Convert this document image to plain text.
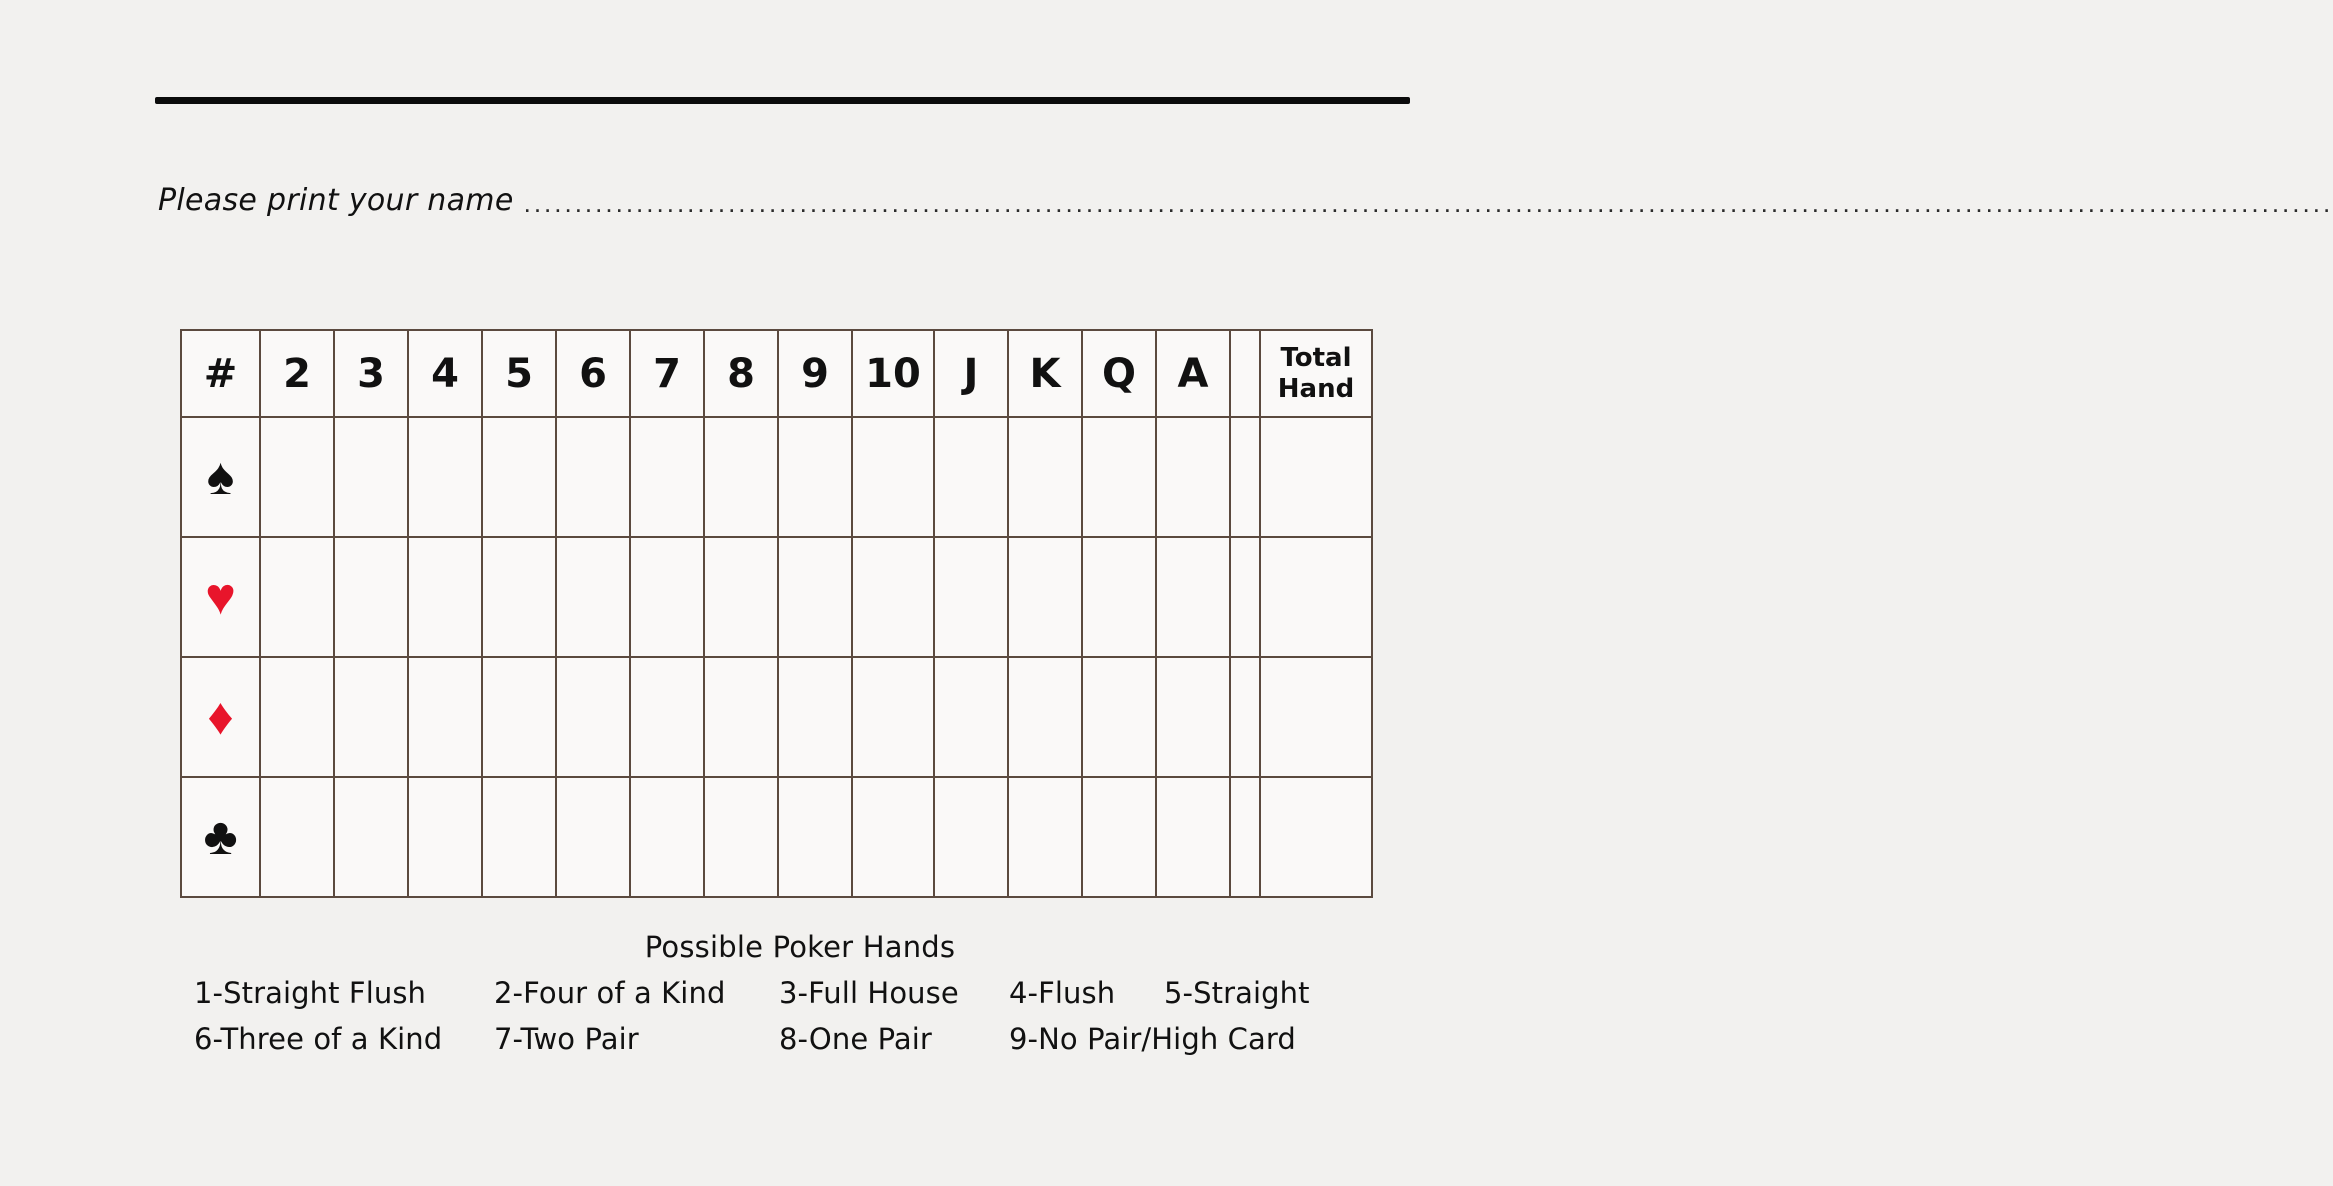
Please print your name .................................................................................................................................................................................
#	2	3	4	5	6	7	8	9	10	J	K	Q	A		Total
Hand
♠															
♥															
♦															
♣															
Possible Poker Hands
1-Straight Flush	2-Four of a Kind	3-Full House	4-Flush	5-Straight
6-Three of a Kind	7-Two Pair	8-One Pair	9-No Pair/High Card
